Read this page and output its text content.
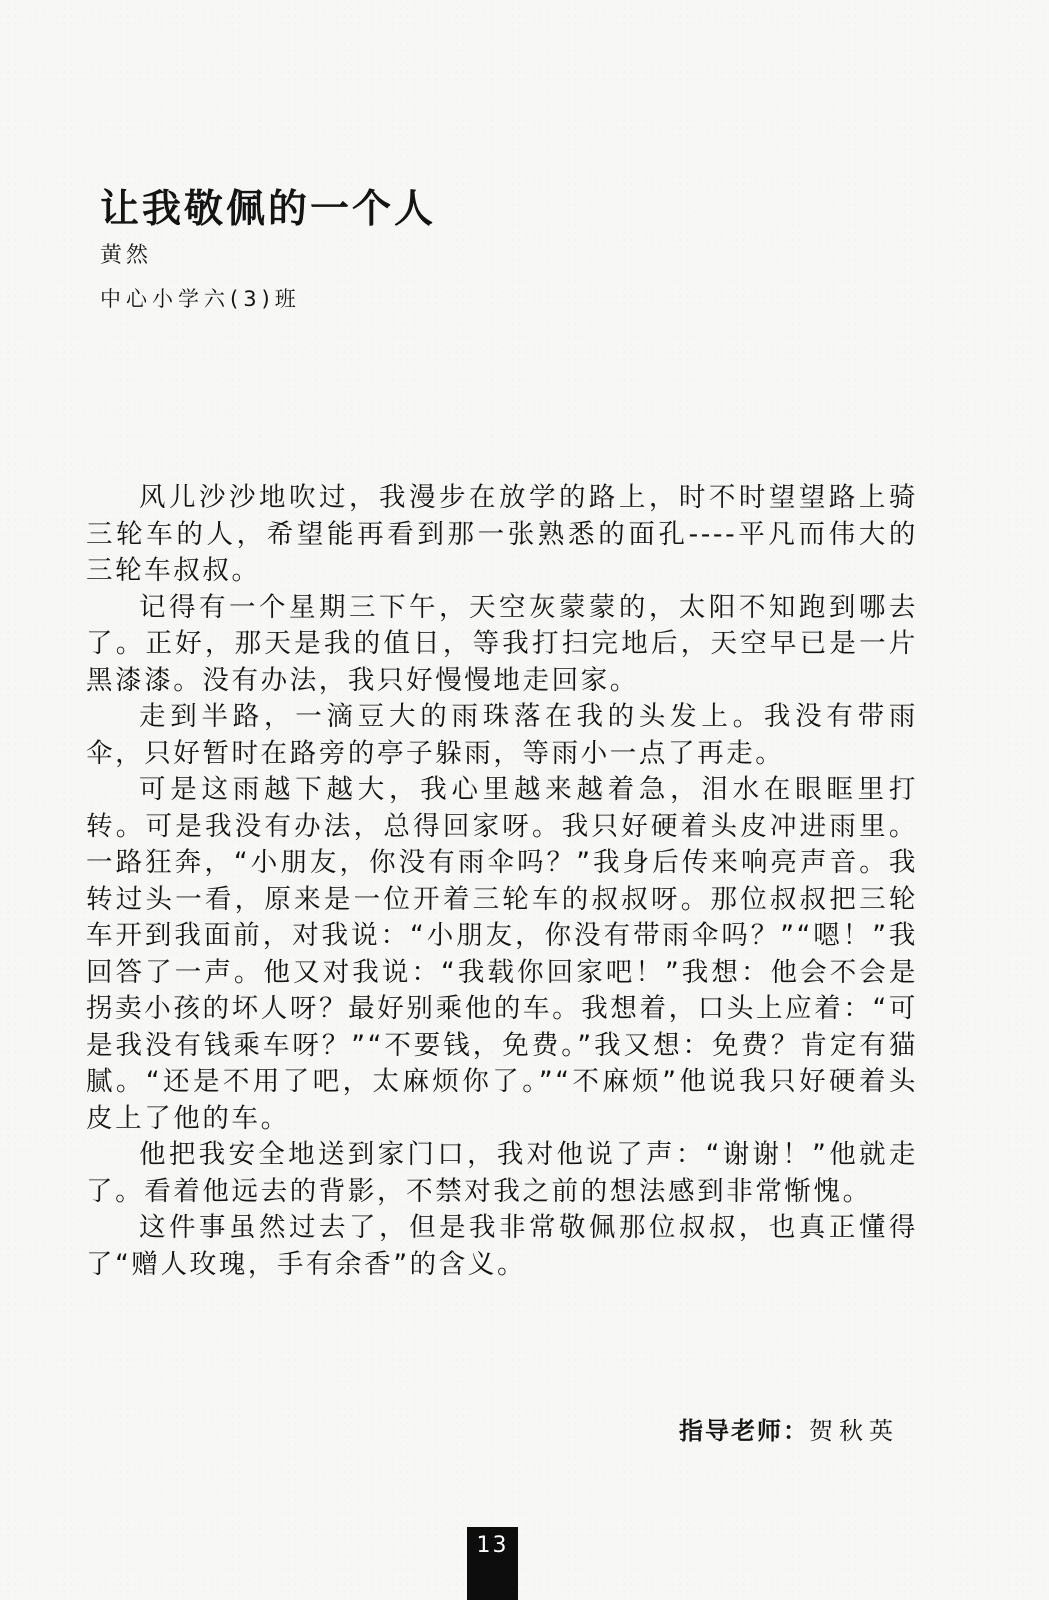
让我敬佩的一个人
黄然
中心小学六(3)班

风儿沙沙地吹过，我漫步在放学的路上，时不时望望路上骑三轮车的人，希望能再看到那一张熟悉的面孔----平凡而伟大的三轮车叔叔。

记得有一个星期三下午，天空灰蒙蒙的，太阳不知跑到哪去了。正好，那天是我的值日，等我打扫完地后，天空早已是一片黑漆漆。没有办法，我只好慢慢地走回家。

走到半路，一滴豆大的雨珠落在我的头发上。我没有带雨伞，只好暂时在路旁的亭子躲雨，等雨小一点了再走。

可是这雨越下越大，我心里越来越着急，泪水在眼眶里打转。可是我没有办法，总得回家呀。我只好硬着头皮冲进雨里。一路狂奔，“小朋友，你没有雨伞吗？”我身后传来响亮声音。我转过头一看，原来是一位开着三轮车的叔叔呀。那位叔叔把三轮车开到我面前，对我说：“小朋友，你没有带雨伞吗？”“嗯！”我回答了一声。他又对我说：“我载你回家吧！”我想：他会不会是拐卖小孩的坏人呀？最好别乘他的车。我想着，口头上应着：“可是我没有钱乘车呀？”“不要钱，免费。”我又想：免费？肯定有猫腻。“还是不用了吧，太麻烦你了。”“不麻烦”他说我只好硬着头皮上了他的车。

他把我安全地送到家门口，我对他说了声：“谢谢！”他就走了。看着他远去的背影，不禁对我之前的想法感到非常惭愧。

这件事虽然过去了，但是我非常敬佩那位叔叔，也真正懂得了“赠人玫瑰，手有余香”的含义。

指导老师：贺秋英
13
